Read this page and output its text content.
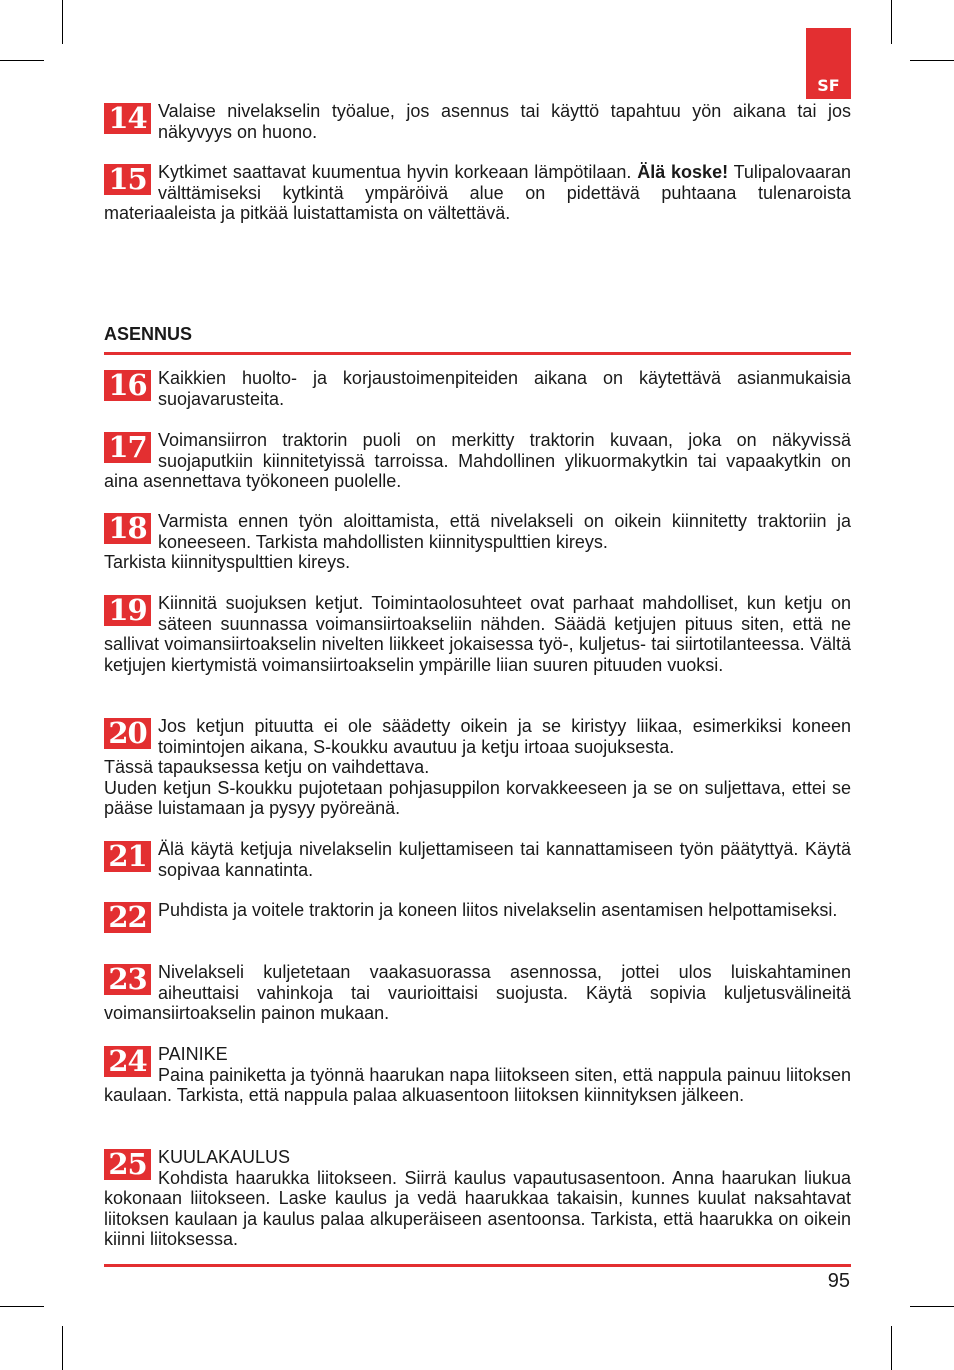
SF
14 Valaise nivelakselin työalue, jos asennus tai käyttö tapahtuu yön aikana tai jos näkyvyys on huono.
15 Kytkimet saattavat kuumentua hyvin korkeaan lämpötilaan. Älä koske! Tulipalovaaran välttämiseksi kytkintä ympäröivä alue on pidettävä puhtaana tulenaroista materiaaleista ja pitkää luistattamista on vältettävä.
ASENNUS
16 Kaikkien huolto- ja korjaustoimenpiteiden aikana on käytettävä asianmukaisia suojavarusteita.
17 Voimansiirron traktorin puoli on merkitty traktorin kuvaan, joka on näkyvissä suojaputkiin kiinnitetyissä tarroissa. Mahdollinen ylikuormakytkin tai vapaakytkin on aina asennettava työkoneen puolelle.
18 Varmista ennen työn aloittamista, että nivelakseli on oikein kiinnitetty traktoriin ja koneeseen. Tarkista mahdollisten kiinnityspulttien kireys.
Tarkista kiinnityspulttien kireys.
19 Kiinnitä suojuksen ketjut. Toimintaolosuhteet ovat parhaat mahdolliset, kun ketju on säteen suunnassa voimansiirtoakseliin nähden. Säädä ketjujen pituus siten, että ne sallivat voimansiirtoakselin nivelten liikkeet jokaisessa työ-, kuljetus- tai siirtotilanteessa. Vältä ketjujen kiertymistä voimansiirtoakselin ympärille liian suuren pituuden vuoksi.
20 Jos ketjun pituutta ei ole säädetty oikein ja se kiristyy liikaa, esimerkiksi koneen toimintojen aikana, S-koukku avautuu ja ketju irtoaa suojuksesta.
Tässä tapauksessa ketju on vaihdettava.
Uuden ketjun S-koukku pujotetaan pohjasuppilon korvakkeeseen ja se on suljettava, ettei se pääse luistamaan ja pysyy pyöreänä.
21 Älä käytä ketjuja nivelakselin kuljettamiseen tai kannattamiseen työn päätyttyä. Käytä sopivaa kannatinta.
22 Puhdista ja voitele traktorin ja koneen liitos nivelakselin asentamisen helpottamiseksi.
23 Nivelakseli kuljetetaan vaakasuorassa asennossa, jottei ulos luiskahtaminen aiheuttaisi vahinkoja tai vaurioittaisi suojusta. Käytä sopivia kuljetusvälineitä voimansiirtoakselin painon mukaan.
24 PAINIKE
Paina painiketta ja työnnä haarukan napa liitokseen siten, että nappula painuu liitoksen kaulaan. Tarkista, että nappula palaa alkuasentoon liitoksen kiinnityksen jälkeen.
25 KUULAKAULUS
Kohdista haarukka liitokseen. Siirrä kaulus vapautusasentoon. Anna haarukan liukua kokonaan liitokseen. Laske kaulus ja vedä haarukkaa takaisin, kunnes kuulat naksahtavat liitoksen kaulaan ja kaulus palaa alkuperäiseen asentoonsa. Tarkista, että haarukka on oikein kiinni liitoksessa.
95
